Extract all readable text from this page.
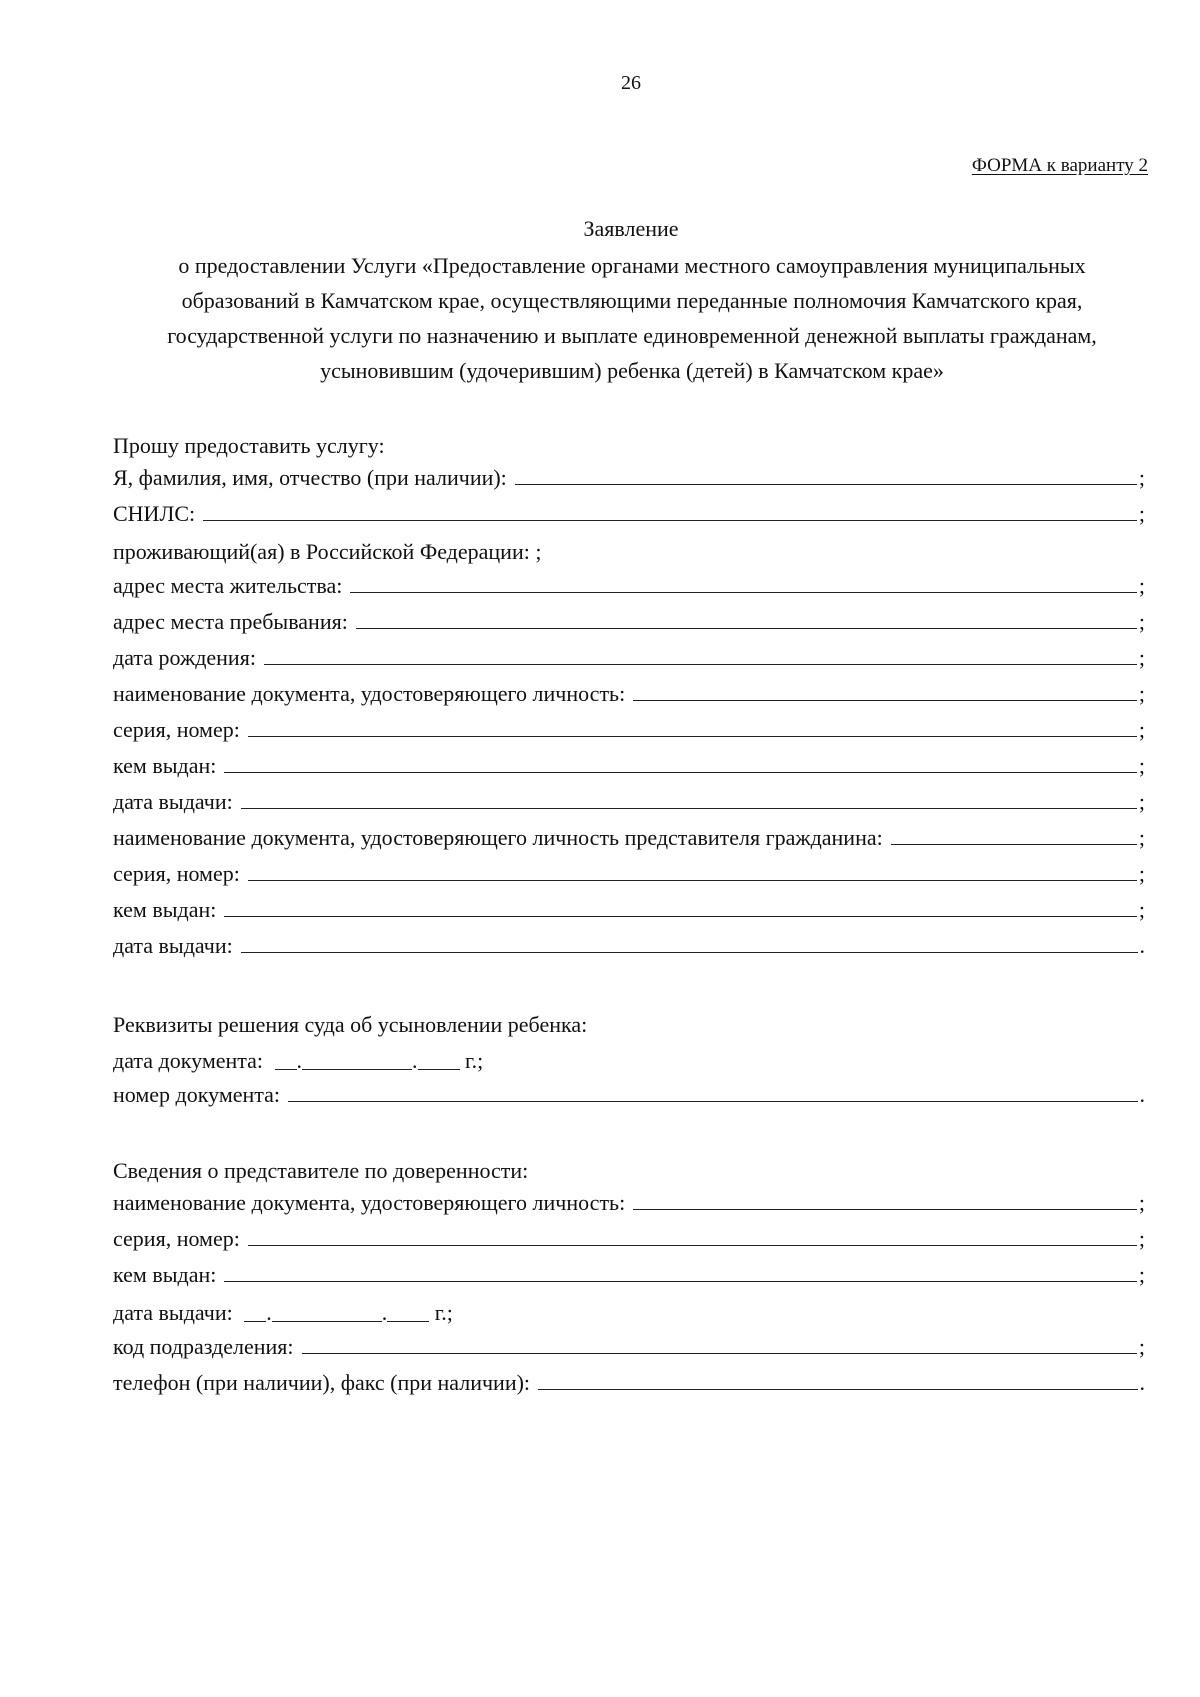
26
ФОРМА к варианту 2
Заявление
о предоставлении Услуги «Предоставление органами местного самоуправления муниципальных
образований в Камчатском крае, осуществляющими переданные полномочия Камчатского края,
государственной услуги по назначению и выплате единовременной денежной выплаты гражданам,
усыновившим (удочерившим) ребенка (детей) в Камчатском крае»
Прошу предоставить услугу:
Я, фамилия, имя, отчество (при наличии):	;
СНИЛС:	;
проживающий(ая) в Российской Федерации: ;
адрес места жительства:	;
адрес места пребывания:	;
дата рождения:	;
наименование документа, удостоверяющего личность:	;
серия, номер:	;
кем выдан:	;
дата выдачи:	;
наименование документа, удостоверяющего личность представителя гражданина:	;
серия, номер:	;
кем выдан:	;
дата выдачи:	.
Реквизиты решения суда об усыновлении ребенка:
дата документа: .	. г.;
номер документа:	.
Сведения о представителе по доверенности:
наименование документа, удостоверяющего личность:	;
серия, номер:	;
кем выдан:	;
дата выдачи: .	. г.;
код подразделения:	;
телефон (при наличии), факс (при наличии):	.
